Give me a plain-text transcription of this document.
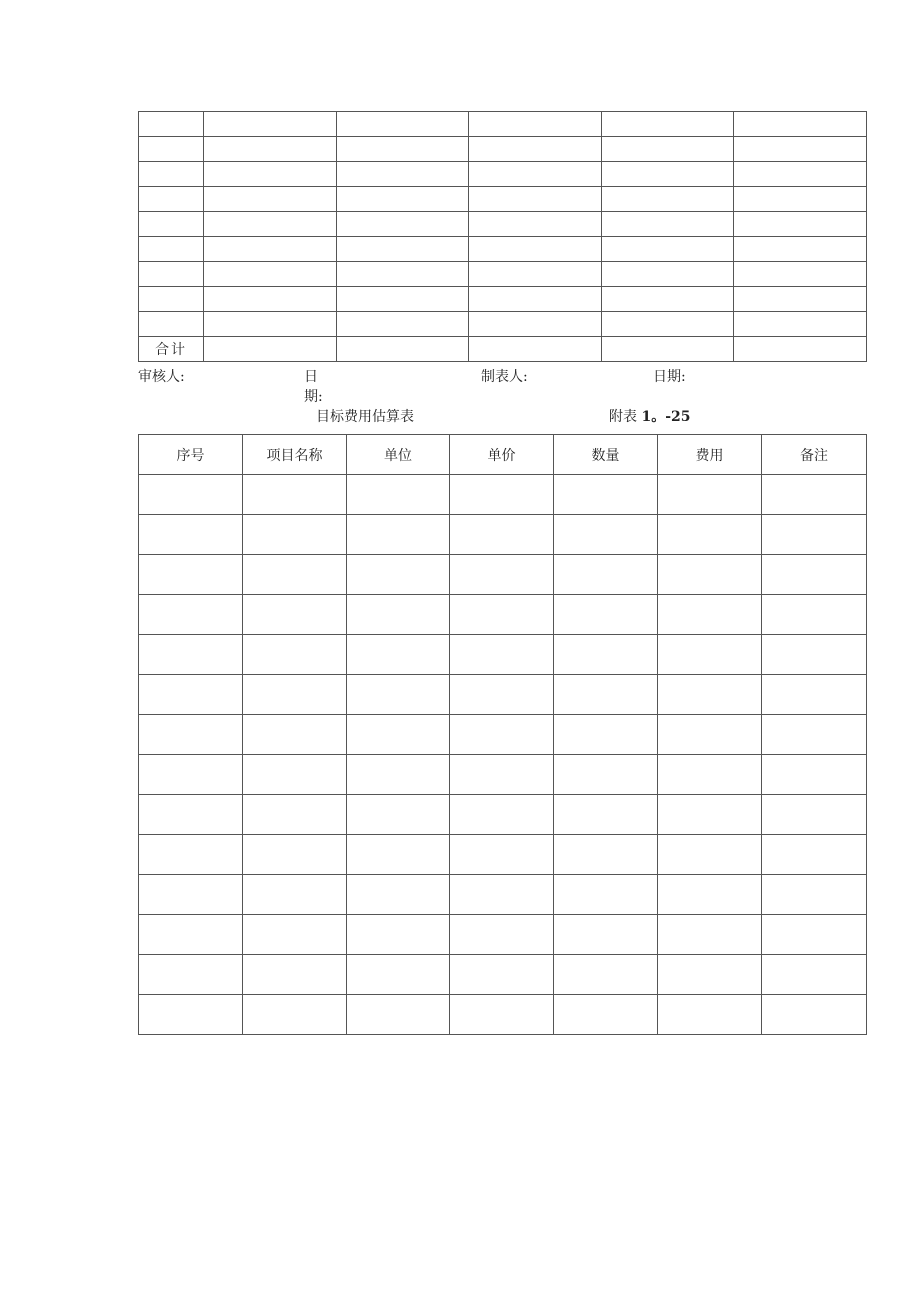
合计					
审核人:	日
期:
制表人:	日期:
目标费用估算表	附表 1。-25
序号	项目名称	单位	单价	数量	费用	备注
